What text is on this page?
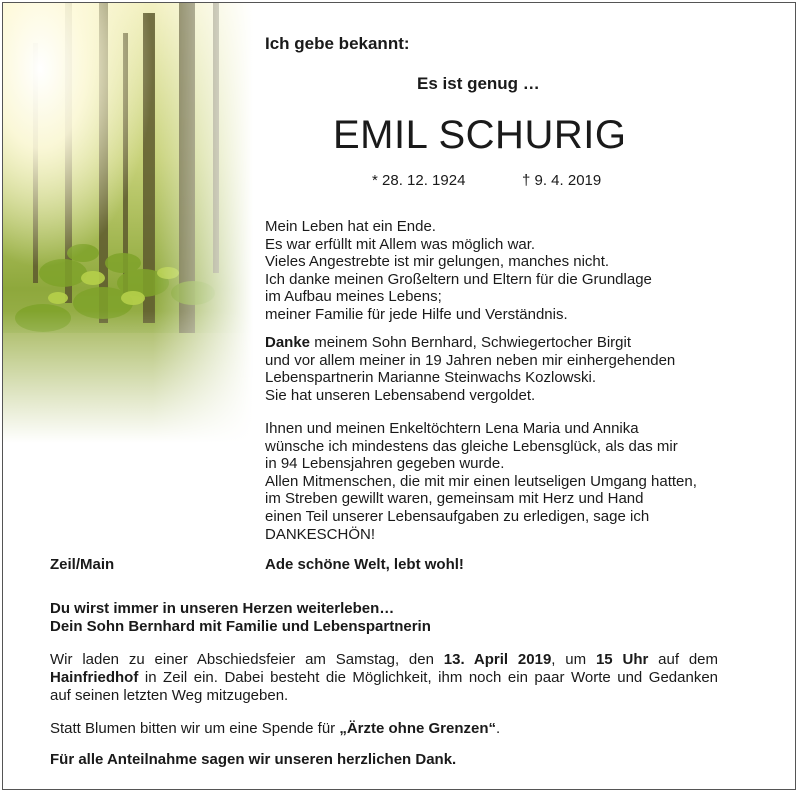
Ich gebe bekannt:
Es ist genug …
EMIL SCHURIG
* 28. 12. 1924	† 9. 4. 2019
Mein Leben hat ein Ende.
Es war erfüllt mit Allem was möglich war.
Vieles Angestrebte ist mir gelungen, manches nicht.
Ich danke meinen Großeltern und Eltern für die Grundlage
im Aufbau meines Lebens;
meiner Familie für jede Hilfe und Verständnis.
Danke meinem Sohn Bernhard, Schwiegertocher Birgit
und vor allem meiner in 19 Jahren neben mir einhergehenden
Lebenspartnerin Marianne Steinwachs Kozlowski.
Sie hat unseren Lebensabend vergoldet.
Ihnen und meinen Enkeltöchtern Lena Maria und Annika
wünsche ich mindestens das gleiche Lebensglück, als das mir
in 94 Lebensjahren gegeben wurde.
Allen Mitmenschen, die mit mir einen leutseligen Umgang hatten,
im Streben gewillt waren, gemeinsam mit Herz und Hand
einen Teil unserer Lebensaufgaben zu erledigen, sage ich
DANKESCHÖN!
Zeil/Main	Ade schöne Welt, lebt wohl!
Du wirst immer in unseren Herzen weiterleben…
Dein Sohn Bernhard mit Familie und Lebenspartnerin
Wir laden zu einer Abschiedsfeier am Samstag, den 13. April 2019, um 15 Uhr auf dem
Hainfriedhof in Zeil ein. Dabei besteht die Möglichkeit, ihm noch ein paar Worte und Gedanken
auf seinen letzten Weg mitzugeben.
Statt Blumen bitten wir um eine Spende für „Ärzte ohne Grenzen“.
Für alle Anteilnahme sagen wir unseren herzlichen Dank.
